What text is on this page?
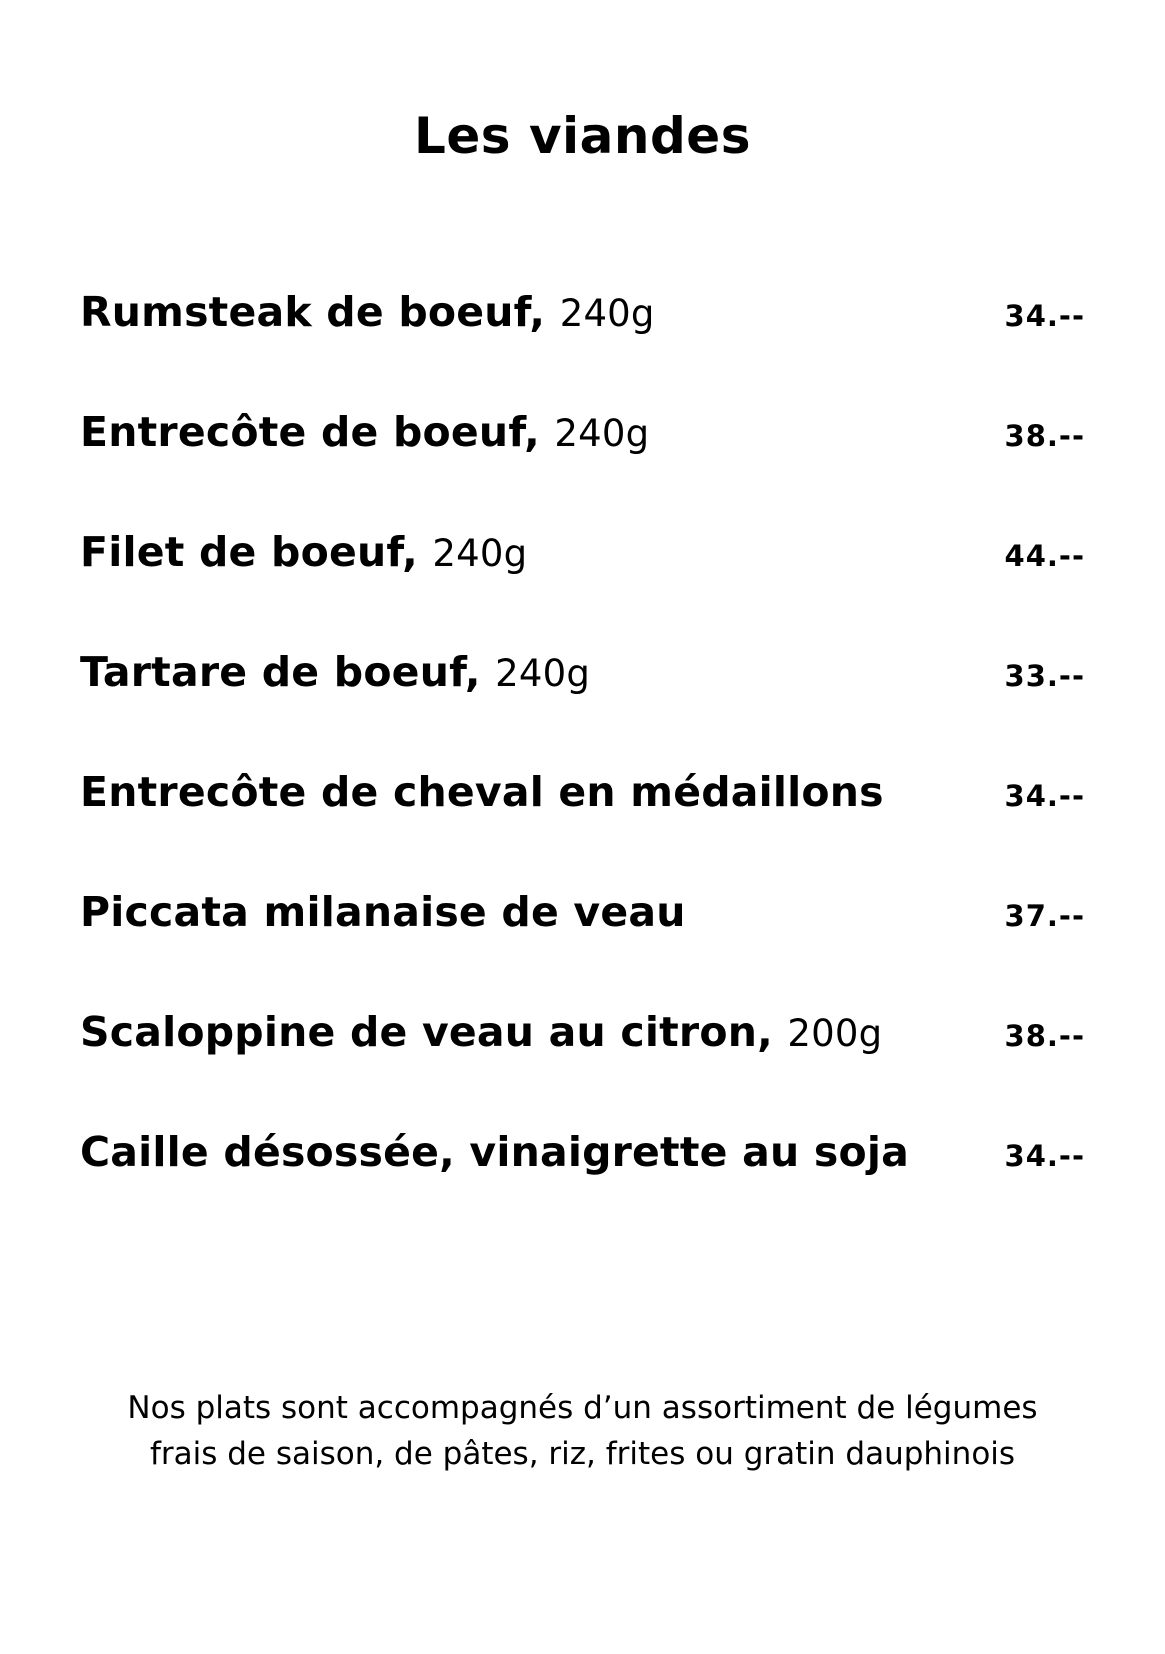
Les viandes
Rumsteak de boeuf, 240g	34.--
Entrecôte de boeuf, 240g	38.--
Filet de boeuf, 240g	44.--
Tartare de boeuf, 240g	33.--
Entrecôte de cheval en médaillons	34.--
Piccata milanaise de veau	37.--
Scaloppine de veau au citron, 200g	38.--
Caille désossée, vinaigrette au soja	34.--
Nos plats sont accompagnés d’un assortiment de légumes
frais de saison, de pâtes, riz, frites ou gratin dauphinois
